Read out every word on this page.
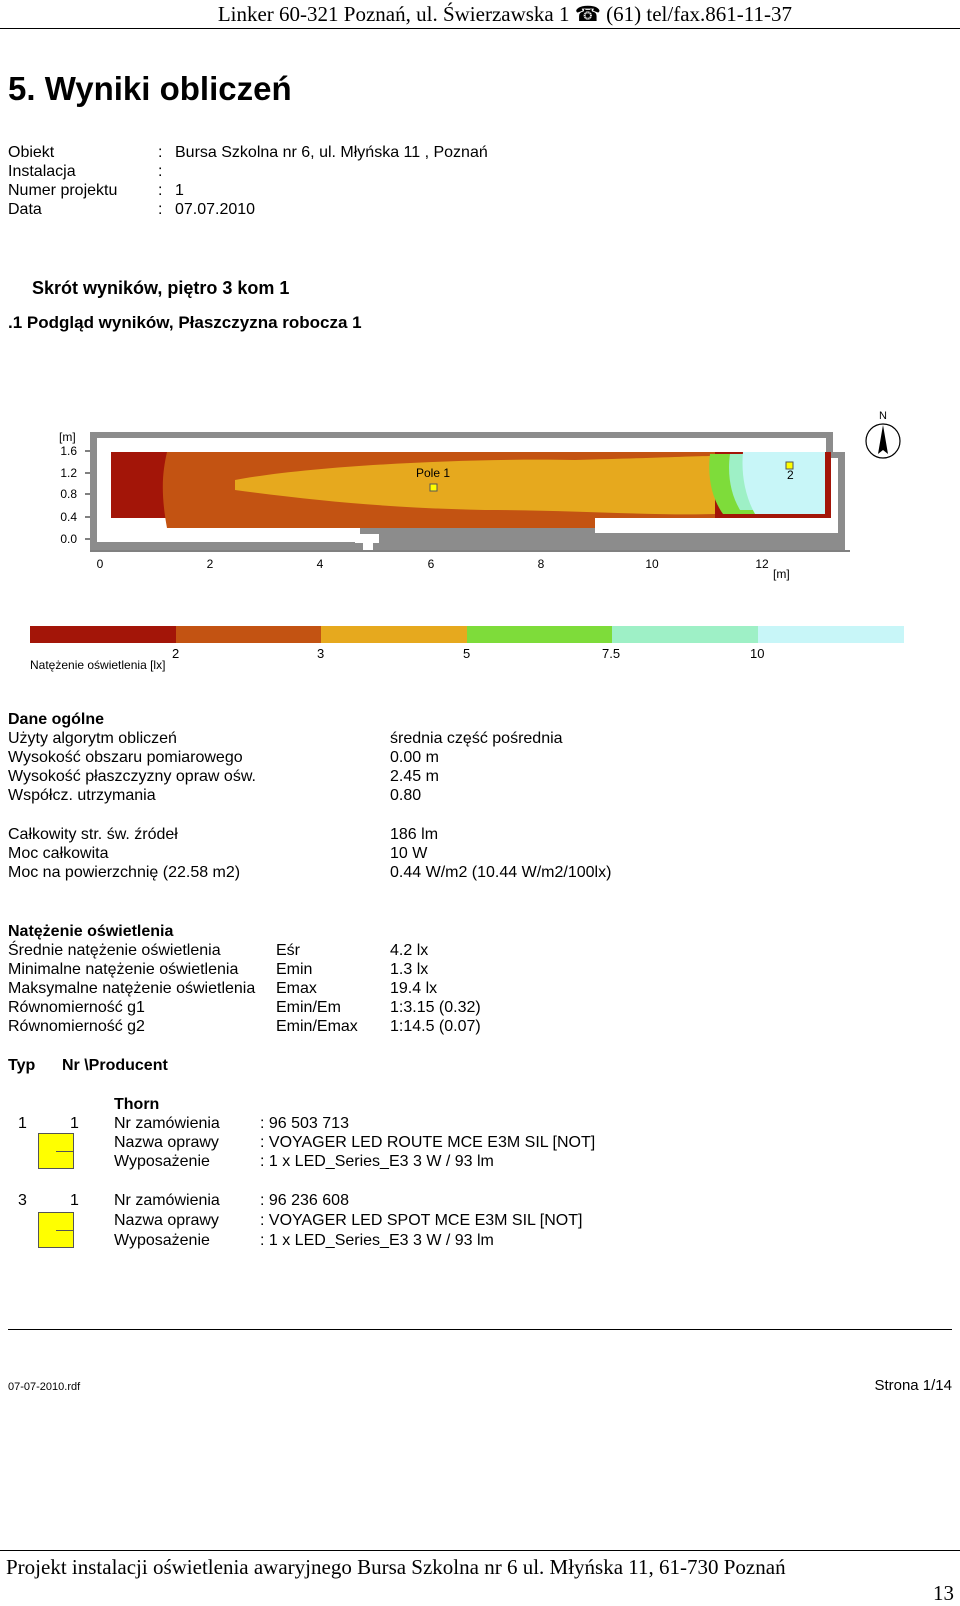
Linker 60-321 Poznań, ul. Świerzawska 1 ☎ (61) tel/fax.861-11-37
5. Wyniki obliczeń
Obiekt	: Bursa Szkolna nr 6, ul. Młyńska 11 , Poznań
Instalacja	:
Numer projektu	: 1
Data	: 07.07.2010
Skrót wyników, piętro 3 kom 1
.1 Podgląd wyników, Płaszczyzna robocza 1
[m]
1.6
1.2
0.8
0.4
0.0
Pole 1	2
0	2	4	6	8	10	12
[m]
N
2	3	5	7.5	10
Natężenie oświetlenia [lx]
Dane ogólne
Użyty algorytm obliczeń	średnia część pośrednia
Wysokość obszaru pomiarowego	0.00 m
Wysokość płaszczyzny opraw ośw.	2.45 m
Współcz. utrzymania	0.80
Całkowity str. św. źródeł	186 lm
Moc całkowita	10 W
Moc na powierzchnię (22.58 m2)	0.44 W/m2 (10.44 W/m2/100lx)
Natężenie oświetlenia
Średnie natężenie oświetlenia	Eśr	4.2 lx
Minimalne natężenie oświetlenia Emin	1.3 lx
Maksymalne natężenie oświetlenia Emax	19.4 lx
Równomierność g1	Emin/Em	1:3.15 (0.32)
Równomierność g2	Emin/Emax 1:14.5 (0.07)
Typ Nr \Producent
Thorn
1	1 Nr zamówienia	: 96 503 713
Nazwa oprawy	: VOYAGER LED ROUTE MCE E3M SIL [NOT]
Wyposażenie	: 1 x LED_Series_E3 3 W / 93 lm
3	1 Nr zamówienia	: 96 236 608
Nazwa oprawy	: VOYAGER LED SPOT MCE E3M SIL [NOT]
Wyposażenie	: 1 x LED_Series_E3 3 W / 93 lm
07-07-2010.rdf	Strona 1/14
Projekt instalacji oświetlenia awaryjnego Bursa Szkolna nr 6 ul. Młyńska 11, 61-730 Poznań
13
